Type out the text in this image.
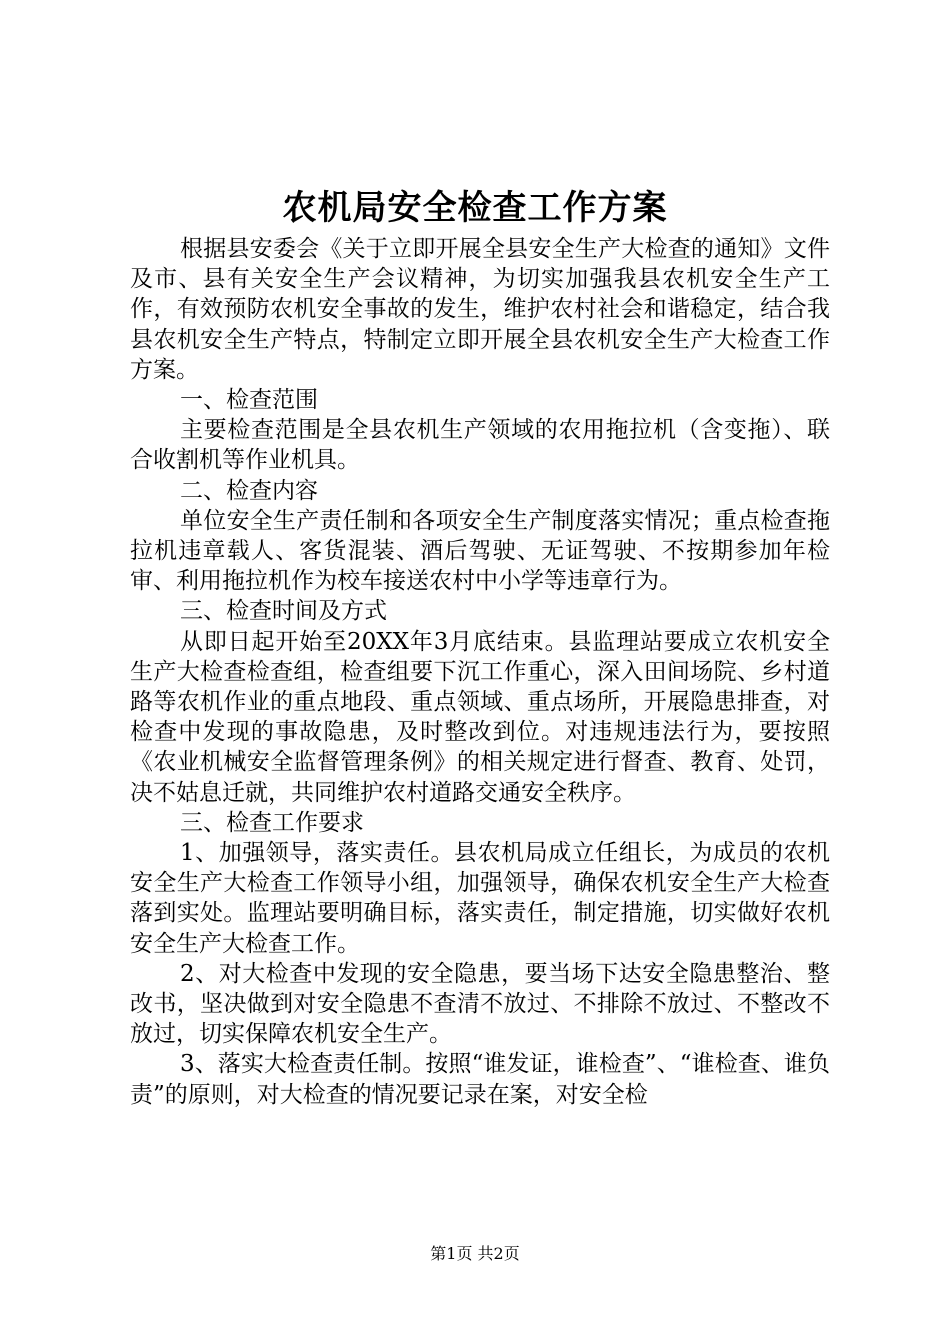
农机局安全检查工作方案

根据县安委会《关于立即开展全县安全生产大检查的通知》文件及市、县有关安全生产会议精神，为切实加强我县农机安全生产工作，有效预防农机安全事故的发生，维护农村社会和谐稳定，结合我县农机安全生产特点，特制定立即开展全县农机安全生产大检查工作方案。

一、检查范围

主要检查范围是全县农机生产领域的农用拖拉机（含变拖）、联合收割机等作业机具。

二、检查内容

单位安全生产责任制和各项安全生产制度落实情况；重点检查拖拉机违章载人、客货混装、酒后驾驶、无证驾驶、不按期参加年检审、利用拖拉机作为校车接送农村中小学等违章行为。

三、检查时间及方式

从即日起开始至20XX年3月底结束。县监理站要成立农机安全生产大检查检查组，检查组要下沉工作重心，深入田间场院、乡村道路等农机作业的重点地段、重点领域、重点场所，开展隐患排查，对检查中发现的事故隐患，及时整改到位。对违规违法行为，要按照《农业机械安全监督管理条例》的相关规定进行督查、教育、处罚，决不姑息迁就，共同维护农村道路交通安全秩序。

三、检查工作要求

1、加强领导，落实责任。县农机局成立任组长，为成员的农机安全生产大检查工作领导小组，加强领导，确保农机安全生产大检查落到实处。监理站要明确目标，落实责任，制定措施，切实做好农机安全生产大检查工作。

2、对大检查中发现的安全隐患，要当场下达安全隐患整治、整改书，坚决做到对安全隐患不查清不放过、不排除不放过、不整改不放过，切实保障农机安全生产。

3、落实大检查责任制。按照“谁发证，谁检查”、“谁检查、谁负责”的原则，对大检查的情况要记录在案，对安全检

第1页 共2页
